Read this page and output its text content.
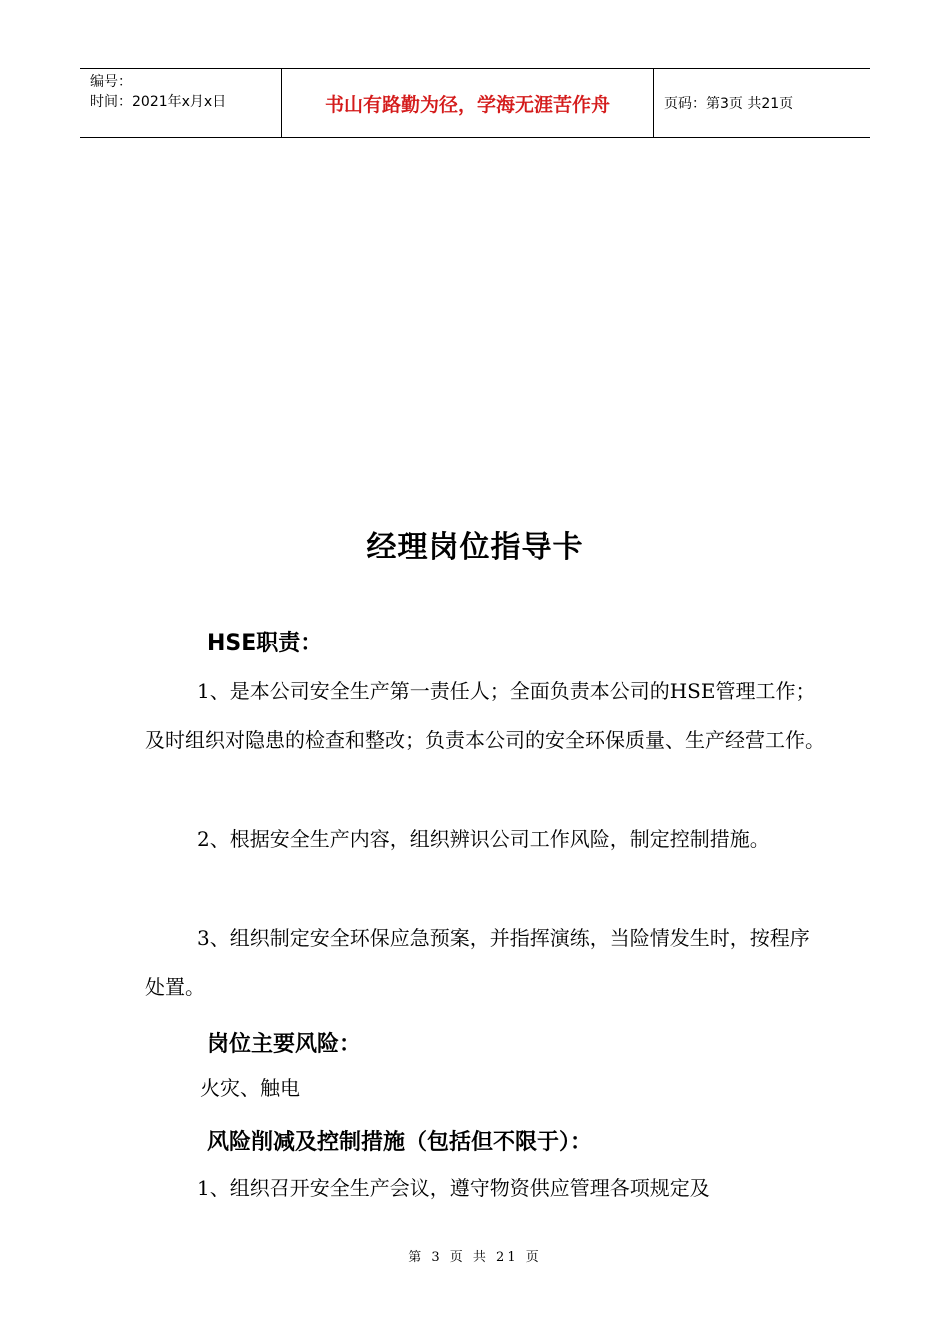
编号：
时间：2021年x月x日	书山有路勤为径，学海无涯苦作舟	页码：第3页 共21页
经理岗位指导卡
HSE职责：

1、是本公司安全生产第一责任人；全面负责本公司的HSE管理工作；及时组织对隐患的检查和整改；负责本公司的安全环保质量、生产经营工作。

2、根据安全生产内容，组织辨识公司工作风险，制定控制措施。

3、组织制定安全环保应急预案，并指挥演练，当险情发生时，按程序处置。

岗位主要风险：

火灾、触电

风险削减及控制措施（包括但不限于）：

1、组织召开安全生产会议，遵守物资供应管理各项规定及

第 3 页 共 21 页
